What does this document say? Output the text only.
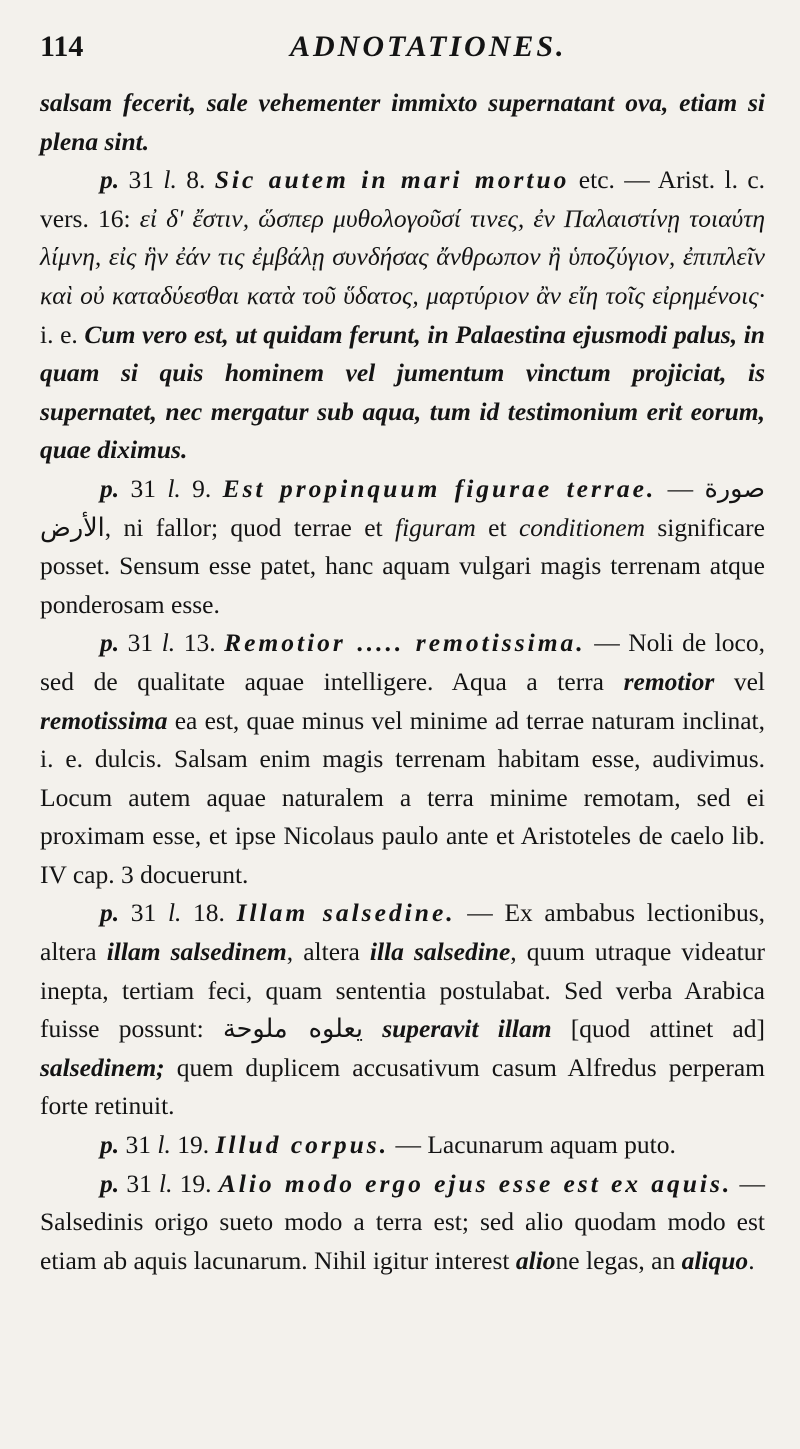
114	ADNOTATIONES.

salsam fecerit, sale vehementer immixto supernatant ova, etiam si plena sint.

p. 31 l. 8. Sic autem in mari mortuo etc. — Arist. l. c. vers. 16: εἰ δ' ἔστιν, ὥσπερ μυθολογοῦσί τινες, ἐν Παλαιστίνῃ τοιαύτη λίμνη, εἰς ἣν ἐάν τις ἐμβάλῃ συνδήσας ἄνθρωπον ἢ ὑποζύγιον, ἐπιπλεῖν καὶ οὐ καταδύεσθαι κατὰ τοῦ ὕδατος, μαρτύριον ἂν εἴη τοῖς εἰρημένοις· i. e. Cum vero est, ut quidam ferunt, in Palaestina ejusmodi palus, in quam si quis hominem vel jumentum vinctum projiciat, is supernatet, nec mergatur sub aqua, tum id testimonium erit eorum, quae diximus.

p. 31 l. 9. Est propinquum figurae terrae. — صورة الأرض, ni fallor; quod terrae et figuram et conditionem significare posset. Sensum esse patet, hanc aquam vulgari magis terrenam atque ponderosam esse.

p. 31 l. 13. Remotior ..... remotissima. — Noli de loco, sed de qualitate aquae intelligere. Aqua a terra remotior vel remotissima ea est, quae minus vel minime ad terrae naturam inclinat, i. e. dulcis. Salsam enim magis terrenam habitam esse, audivimus. Locum autem aquae naturalem a terra minime remotam, sed ei proximam esse, et ipse Nicolaus paulo ante et Aristoteles de caelo lib. IV cap. 3 docuerunt.

p. 31 l. 18. Illam salsedine. — Ex ambabus lectionibus, altera illam salsedinem, altera illa salsedine, quum utraque videatur inepta, tertiam feci, quam sententia postulabat. Sed verba Arabica fuisse possunt: يعلوه ملوحة superavit illam [quod attinet ad] salsedinem; quem duplicem accusativum casum Alfredus perperam forte retinuit.

p. 31 l. 19. Illud corpus. — Lacunarum aquam puto.

p. 31 l. 19. Alio modo ergo ejus esse est ex aquis. — Salsedinis origo sueto modo a terra est; sed alio quodam modo est etiam ab aquis lacunarum. Nihil igitur interest alione legas, an aliquo.
